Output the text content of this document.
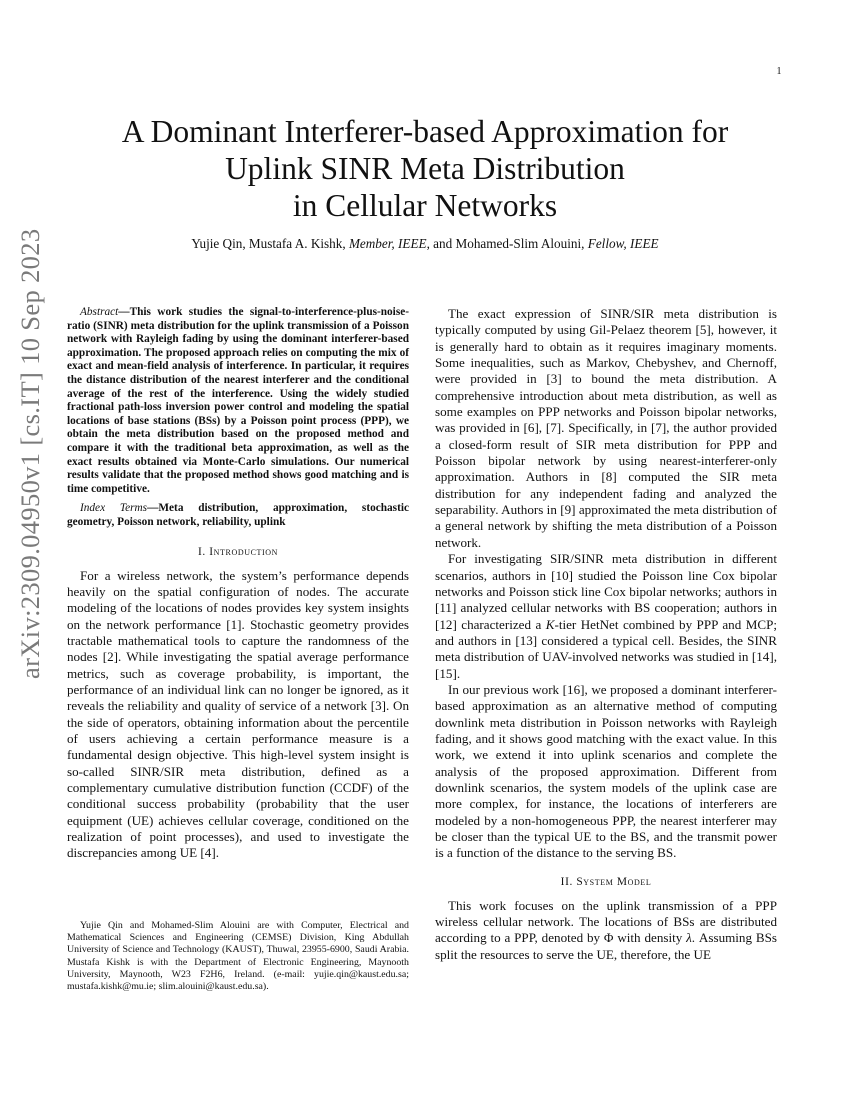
1
arXiv:2309.04950v1 [cs.IT] 10 Sep 2023
A Dominant Interferer-based Approximation for
Uplink SINR Meta Distribution
in Cellular Networks
Yujie Qin, Mustafa A. Kishk, Member, IEEE, and Mohamed-Slim Alouini, Fellow, IEEE

Abstract—This work studies the signal-to-interference-plus-noise-ratio (SINR) meta distribution for the uplink transmission of a Poisson network with Rayleigh fading by using the dominant interferer-based approximation. The proposed approach relies on computing the mix of exact and mean-field analysis of interference. In particular, it requires the distance distribution of the nearest interferer and the conditional average of the rest of the interference. Using the widely studied fractional path-loss inversion power control and modeling the spatial locations of base stations (BSs) by a Poisson point process (PPP), we obtain the meta distribution based on the proposed method and compare it with the traditional beta approximation, as well as the exact results obtained via Monte-Carlo simulations. Our numerical results validate that the proposed method shows good matching and is time competitive.

Index Terms—Meta distribution, approximation, stochastic geometry, Poisson network, reliability, uplink

I. Introduction

For a wireless network, the system’s performance depends heavily on the spatial configuration of nodes. The accurate modeling of the locations of nodes provides key system insights on the network performance [1]. Stochastic geometry provides tractable mathematical tools to capture the randomness of the nodes [2]. While investigating the spatial average performance metrics, such as coverage probability, is important, the performance of an individual link can no longer be ignored, as it reveals the reliability and quality of service of a network [3]. On the side of operators, obtaining information about the percentile of users achieving a certain performance measure is a fundamental design objective. This high-level system insight is so-called SINR/SIR meta distribution, defined as a complementary cumulative distribution function (CCDF) of the conditional success probability (probability that the user equipment (UE) achieves cellular coverage, conditioned on the realization of point processes), and used to investigate the discrepancies among UE [4].

Yujie Qin and Mohamed-Slim Alouini are with Computer, Electrical and Mathematical Sciences and Engineering (CEMSE) Division, King Abdullah University of Science and Technology (KAUST), Thuwal, 23955-6900, Saudi Arabia. Mustafa Kishk is with the Department of Electronic Engineering, Maynooth University, Maynooth, W23 F2H6, Ireland. (e-mail: yujie.qin@kaust.edu.sa; mustafa.kishk@mu.ie; slim.alouini@kaust.edu.sa).

The exact expression of SINR/SIR meta distribution is typically computed by using Gil-Pelaez theorem [5], however, it is generally hard to obtain as it requires imaginary moments. Some inequalities, such as Markov, Chebyshev, and Chernoff, were provided in [3] to bound the meta distribution. A comprehensive introduction about meta distribution, as well as some examples on PPP networks and Poisson bipolar networks, was provided in [6], [7]. Specifically, in [7], the author provided a closed-form result of SIR meta distribution for PPP and Poisson bipolar network by using nearest-interferer-only approximation. Authors in [8] computed the SIR meta distribution for any independent fading and analyzed the separability. Authors in [9] approximated the meta distribution of a general network by shifting the meta distribution of a Poisson network.

For investigating SIR/SINR meta distribution in different scenarios, authors in [10] studied the Poisson line Cox bipolar networks and Poisson stick line Cox bipolar networks; authors in [11] analyzed cellular networks with BS cooperation; authors in [12] characterized a K-tier HetNet combined by PPP and MCP; and authors in [13] considered a typical cell. Besides, the SINR meta distribution of UAV-involved networks was studied in [14], [15].

In our previous work [16], we proposed a dominant interferer-based approximation as an alternative method of computing downlink meta distribution in Poisson networks with Rayleigh fading, and it shows good matching with the exact value. In this work, we extend it into uplink scenarios and complete the analysis of the proposed approximation. Different from downlink scenarios, the system models of the uplink case are more complex, for instance, the locations of interferers are modeled by a non-homogeneous PPP, the nearest interferer may be closer than the typical UE to the BS, and the transmit power is a function of the distance to the serving BS.

II. System Model

This work focuses on the uplink transmission of a PPP wireless cellular network. The locations of BSs are distributed according to a PPP, denoted by Φ with density λ. Assuming BSs split the resources to serve the UE, therefore, the UE
